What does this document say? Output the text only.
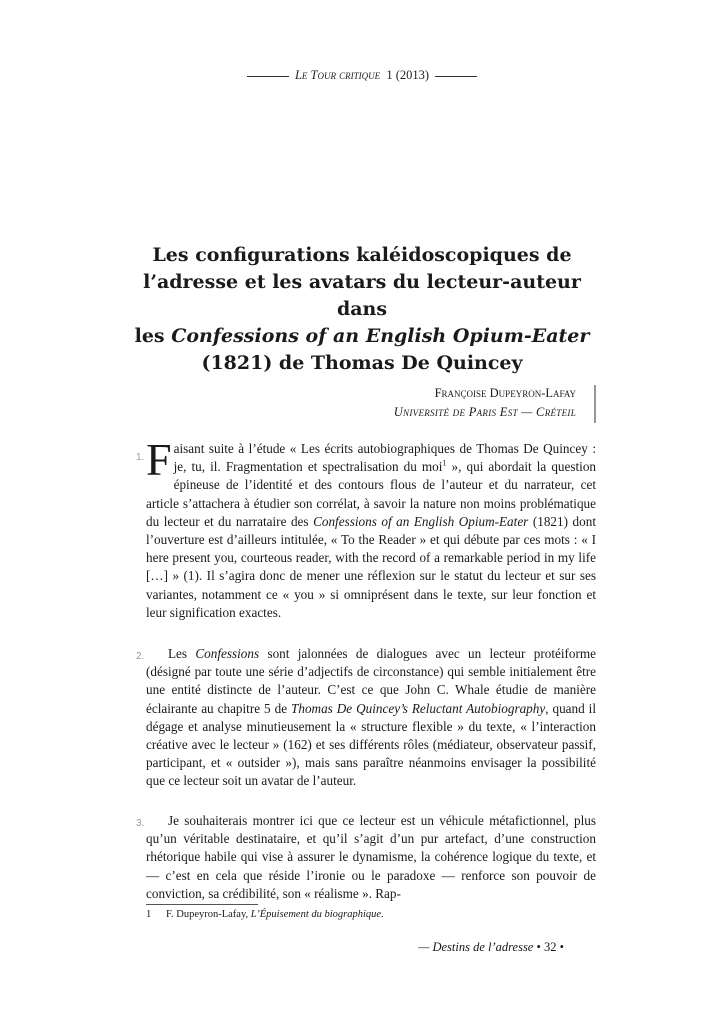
Le Tour critique 1 (2013)
Les configurations kaléidoscopiques de
l’adresse et les avatars du lecteur-auteur dans
les Confessions of an English Opium-Eater
(1821) de Thomas De Quincey
Françoise Dupeyron-Lafay
Université de Paris Est — Créteil
1. Faisant suite à l’étude « Les écrits autobiographiques de Thomas De Quincey : je, tu, il. Fragmentation et spectralisation du moi$^1$ », qui abordait la question épineuse de l’identité et des contours flous de l’auteur et du narrateur, cet article s’attachera à étudier son corrélat, à savoir la nature non moins problématique du lecteur et du narrataire des Confessions of an English Opium-Eater (1821) dont l’ouverture est d’ailleurs intitulée, « To the Reader » et qui débute par ces mots : « I here present you, courteous reader, with the record of a remarkable period in my life […] » (1). Il s’agira donc de mener une réflexion sur le statut du lecteur et sur ses variantes, notamment ce « you » si omniprésent dans le texte, sur leur fonction et leur signification exactes.

2.	Les Confessions sont jalonnées de dialogues avec un lecteur protéiforme (désigné par toute une série d’adjectifs de circonstance) qui semble initialement être une entité distincte de l’auteur. C’est ce que John C. Whale étudie de manière éclairante au chapitre 5 de Thomas De Quincey’s Reluctant Autobiography, quand il dégage et analyse minutieusement la « structure flexible » du texte, « l’interaction créative avec le lecteur » (162) et ses différents rôles (médiateur, observateur passif, participant, et « outsider »), mais sans paraître néanmoins envisager la possibilité que ce lecteur soit un avatar de l’auteur.

3.	Je souhaiterais montrer ici que ce lecteur est un véhicule métafictionnel, plus qu’un véritable destinataire, et qu’il s’agit d’un pur artefact, d’une construction rhétorique habile qui vise à assurer le dynamisme, la cohérence logique du texte, et — c’est en cela que réside l’ironie ou le paradoxe — renforce son pouvoir de conviction, sa crédibilité, son « réalisme ». Rap-

1 F. Dupeyron-Lafay, L’Épuisement du biographique.
— Destins de l’adresse • 32 •
